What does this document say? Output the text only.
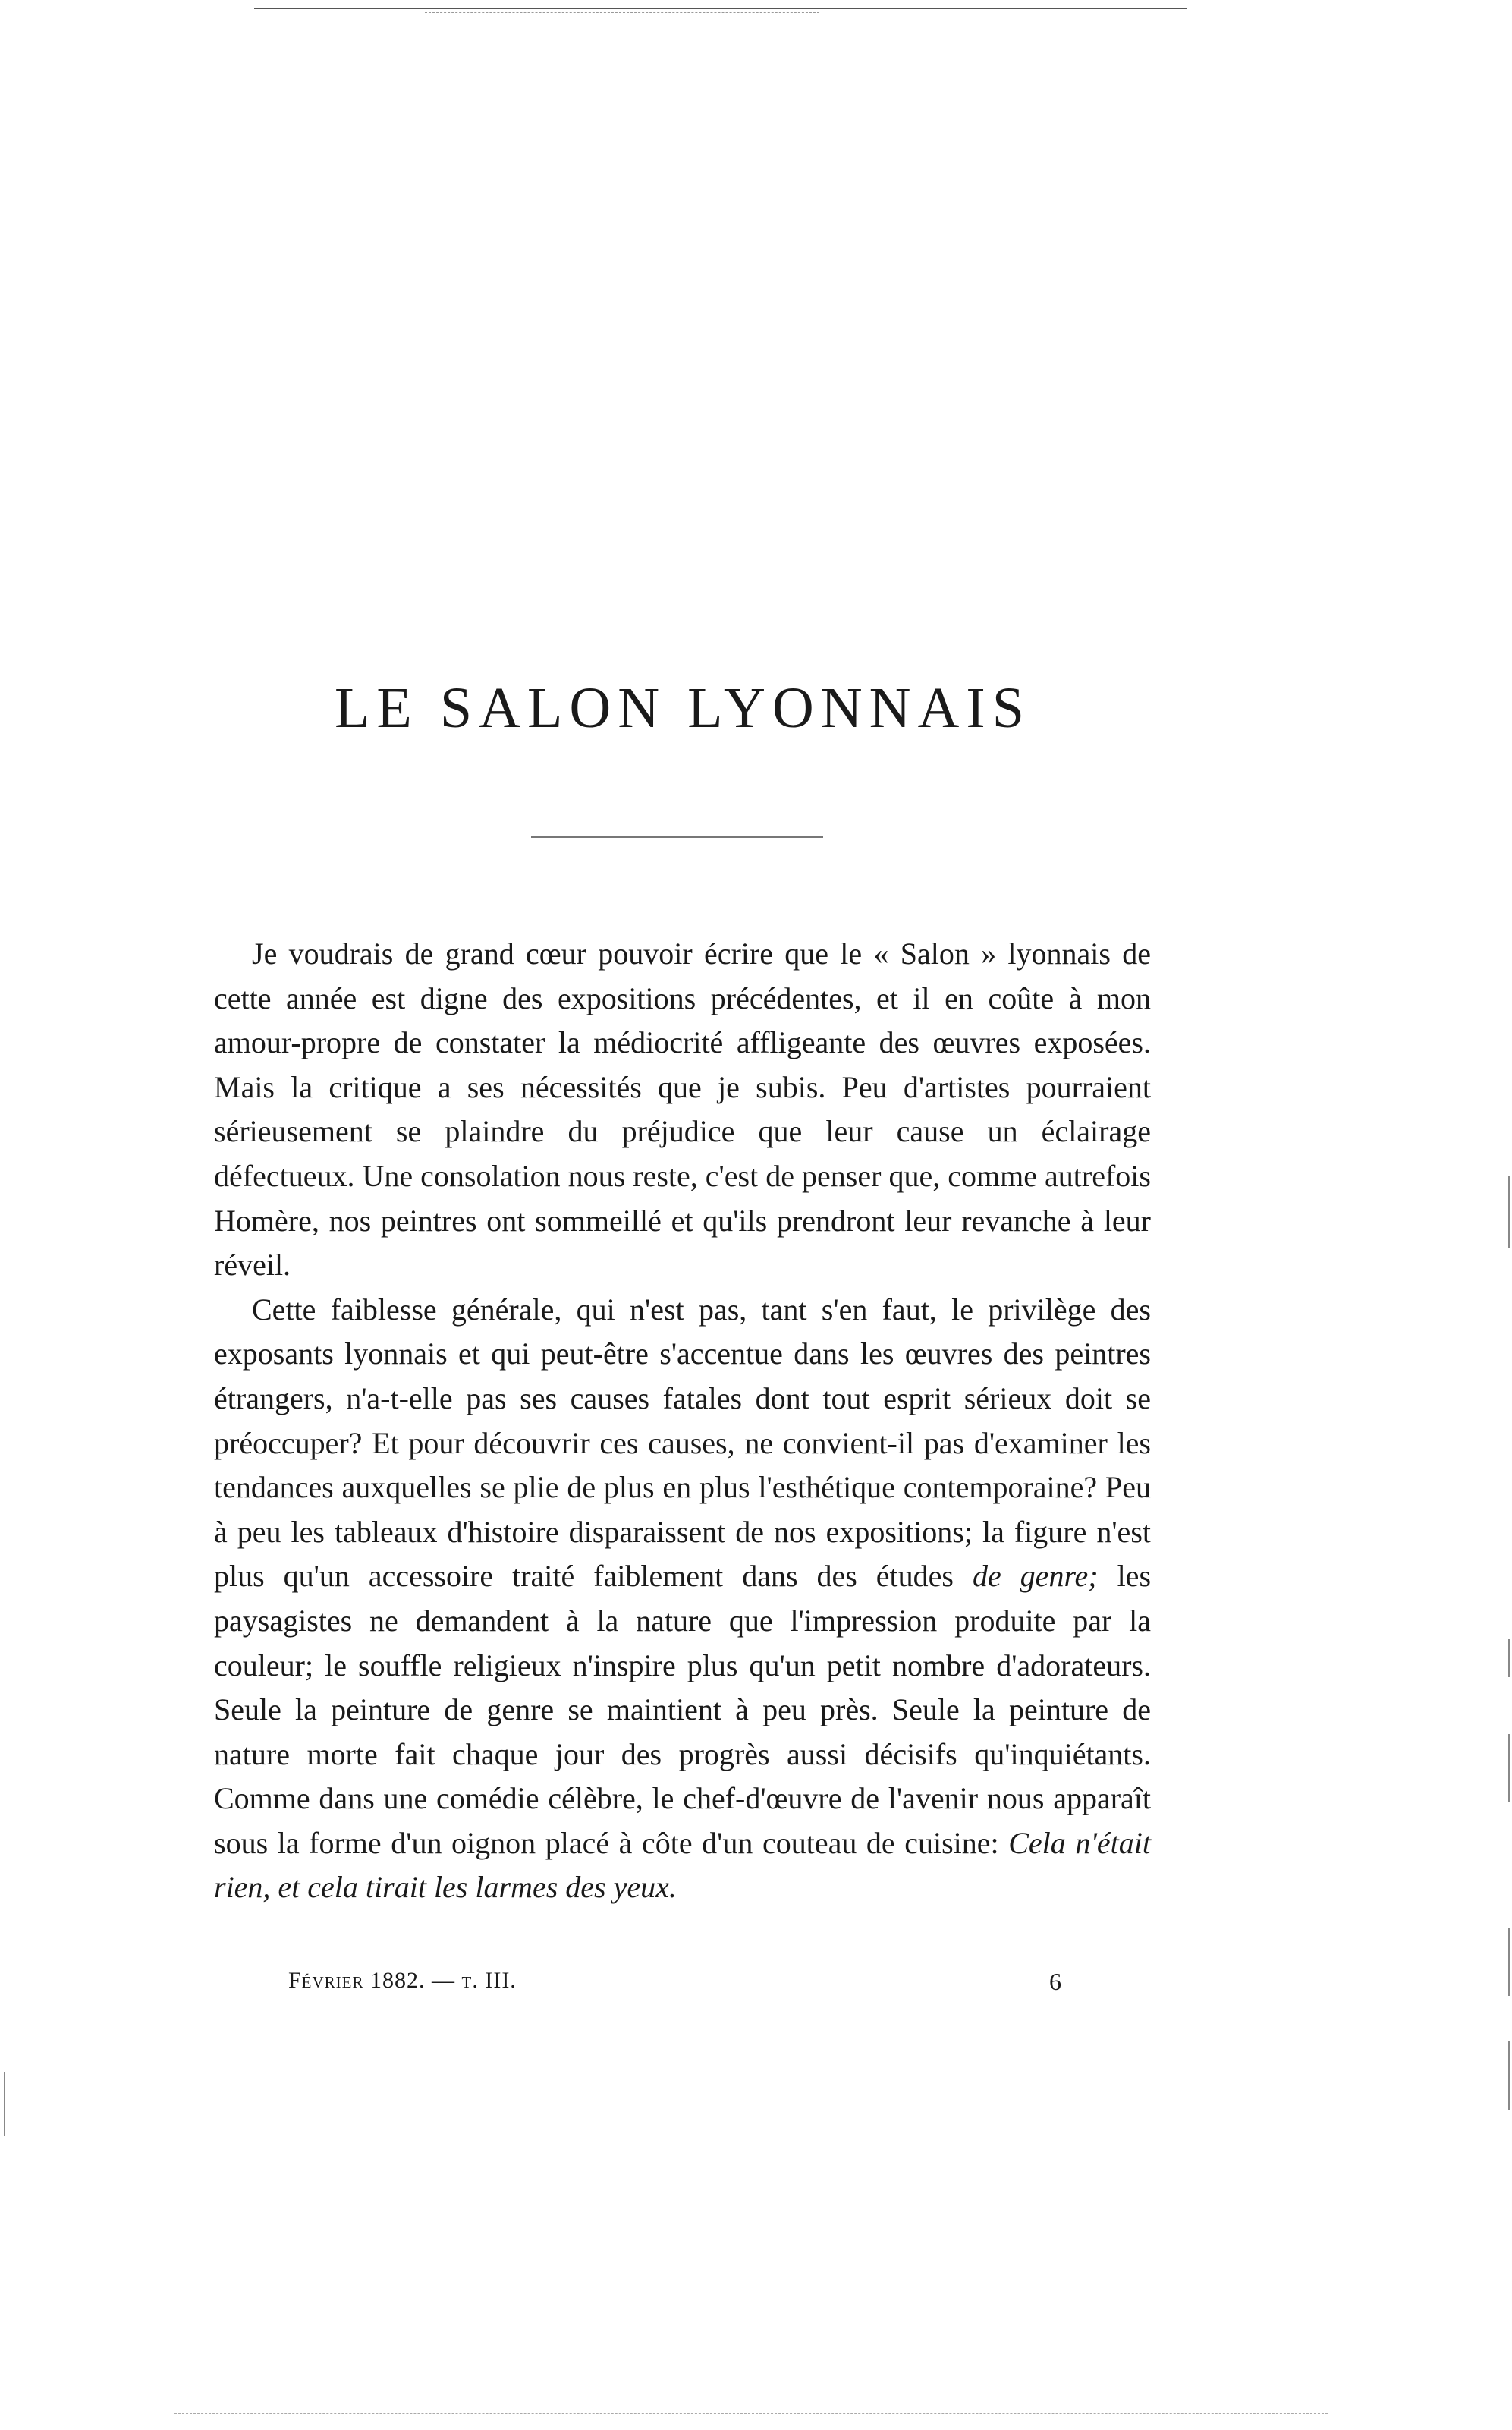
LE SALON LYONNAIS

Je voudrais de grand cœur pouvoir écrire que le « Salon » lyonnais de cette année est digne des expositions précédentes, et il en coûte à mon amour-propre de constater la médiocrité affligeante des œuvres exposées. Mais la critique a ses nécessités que je subis. Peu d'artistes pourraient sérieusement se plaindre du préjudice que leur cause un éclairage défectueux. Une consolation nous reste, c'est de penser que, comme autrefois Homère, nos peintres ont sommeillé et qu'ils prendront leur revanche à leur réveil.

Cette faiblesse générale, qui n'est pas, tant s'en faut, le privilège des exposants lyonnais et qui peut-être s'accentue dans les œuvres des peintres étrangers, n'a-t-elle pas ses causes fatales dont tout esprit sérieux doit se préoccuper? Et pour découvrir ces causes, ne convient-il pas d'examiner les tendances auxquelles se plie de plus en plus l'esthétique contemporaine? Peu à peu les tableaux d'histoire disparaissent de nos expositions; la figure n'est plus qu'un accessoire traité faiblement dans des études de genre; les paysagistes ne demandent à la nature que l'impression produite par la couleur; le souffle religieux n'inspire plus qu'un petit nombre d'adorateurs. Seule la peinture de genre se maintient à peu près. Seule la peinture de nature morte fait chaque jour des progrès aussi décisifs qu'inquiétants. Comme dans une comédie célèbre, le chef-d'œuvre de l'avenir nous apparaît sous la forme d'un oignon placé à côte d'un couteau de cuisine: Cela n'était rien, et cela tirait les larmes des yeux.

Février 1882. — t. III.	6
